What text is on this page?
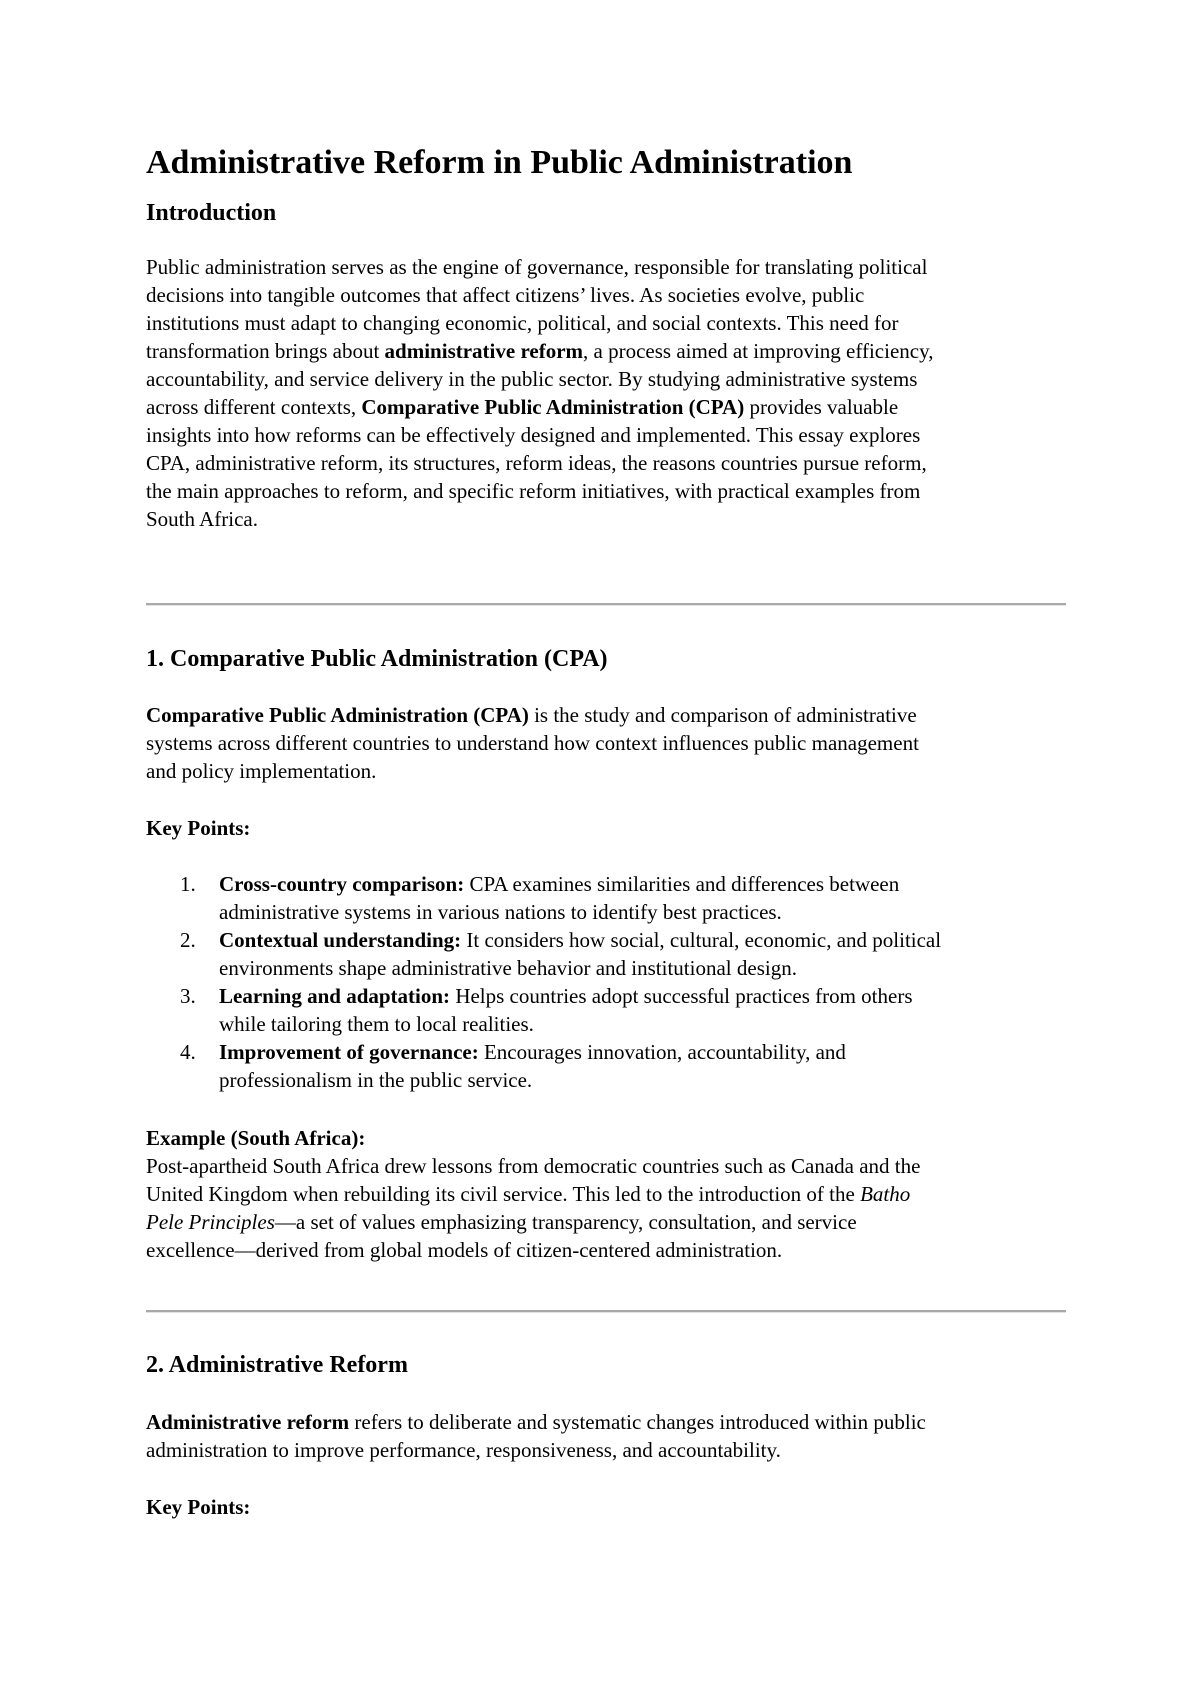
Administrative Reform in Public Administration
Introduction

Public administration serves as the engine of governance, responsible for translating political
decisions into tangible outcomes that affect citizens’ lives. As societies evolve, public
institutions must adapt to changing economic, political, and social contexts. This need for
transformation brings about administrative reform, a process aimed at improving efficiency,
accountability, and service delivery in the public sector. By studying administrative systems
across different contexts, Comparative Public Administration (CPA) provides valuable
insights into how reforms can be effectively designed and implemented. This essay explores
CPA, administrative reform, its structures, reform ideas, the reasons countries pursue reform,
the main approaches to reform, and specific reform initiatives, with practical examples from
South Africa.

1. Comparative Public Administration (CPA)

Comparative Public Administration (CPA) is the study and comparison of administrative
systems across different countries to understand how context influences public management
and policy implementation.

Key Points:

1. Cross-country comparison: CPA examines similarities and differences between
administrative systems in various nations to identify best practices.
2. Contextual understanding: It considers how social, cultural, economic, and political
environments shape administrative behavior and institutional design.
3. Learning and adaptation: Helps countries adopt successful practices from others
while tailoring them to local realities.
4. Improvement of governance: Encourages innovation, accountability, and
professionalism in the public service.

Example (South Africa):

Post-apartheid South Africa drew lessons from democratic countries such as Canada and the
United Kingdom when rebuilding its civil service. This led to the introduction of the Batho
Pele Principles—a set of values emphasizing transparency, consultation, and service
excellence—derived from global models of citizen-centered administration.

2. Administrative Reform

Administrative reform refers to deliberate and systematic changes introduced within public
administration to improve performance, responsiveness, and accountability.

Key Points:
